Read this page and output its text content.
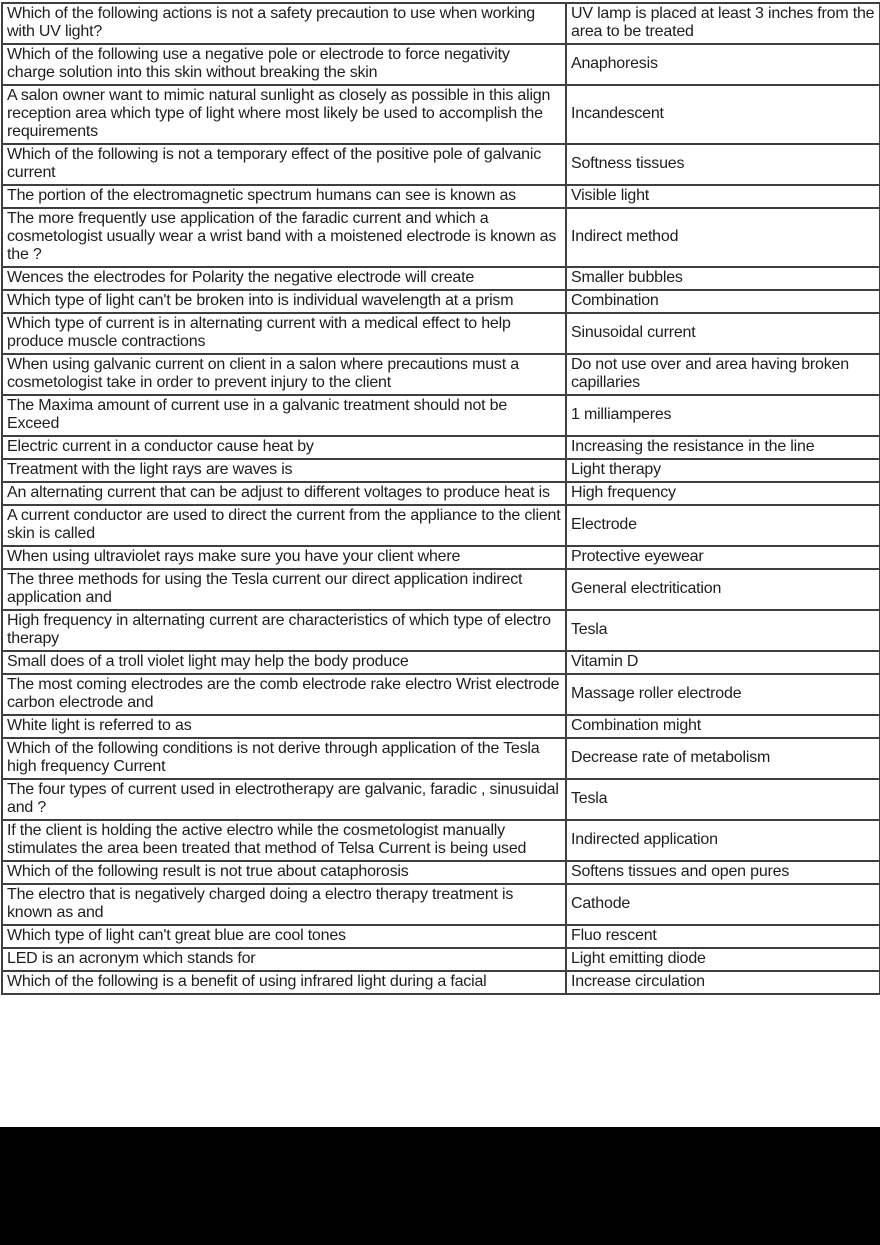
Which of the following actions is not a safety precaution to use when working with UV light?	UV lamp is placed at least 3 inches from the area to be treated
Which of the following use a negative pole or electrode to force negativity charge solution into this skin without breaking the skin	Anaphoresis
A salon owner want to mimic natural sunlight as closely as possible in this align reception area which type of light where most likely be used to accomplish the requirements	Incandescent
Which of the following is not a temporary effect of the positive pole of galvanic current	Softness tissues
The portion of the electromagnetic spectrum humans can see is known as	Visible light
The more frequently use application of the faradic current and which a cosmetologist usually wear a wrist band with a moistened electrode is known as the ?	Indirect method
Wences the electrodes for Polarity the negative electrode will create	Smaller bubbles
Which type of light can't be broken into is individual wavelength at a prism	Combination
Which type of current is in alternating current with a medical effect to help produce muscle contractions	Sinusoidal current
When using galvanic current on client in a salon where precautions must a cosmetologist take in order to prevent injury to the client	Do not use over and area having broken capillaries
The Maxima amount of current use in a galvanic treatment should not be Exceed	1 milliamperes
Electric current in a conductor cause heat by	Increasing the resistance in the line
Treatment with the light rays are waves is	Light therapy
An alternating current that can be adjust to different voltages to produce heat is	High frequency
A current conductor are used to direct the current from the appliance to the client skin is called	Electrode
When using ultraviolet rays make sure you have your client where	Protective eyewear
The three methods for using the Tesla current our direct application indirect application and	General electritication
High frequency in alternating current are characteristics of which type of electro therapy	Tesla
Small does of a troll violet light may help the body produce	Vitamin D
The most coming electrodes are the comb electrode rake electro Wrist electrode carbon electrode and	Massage roller electrode
White light is referred to as	Combination might
Which of the following conditions is not derive through application of the Tesla high frequency Current	Decrease rate of metabolism
The four types of current used in electrotherapy are galvanic, faradic , sinusuidal and ?	Tesla
If the client is holding the active electro while the cosmetologist manually stimulates the area been treated that method of Telsa Current is being used	Indirected application
Which of the following result is not true about cataphorosis	Softens tissues and open pures
The electro that is negatively charged doing a electro therapy treatment is known as and	Cathode
Which type of light can't great blue are cool tones	Fluo rescent
LED is an acronym which stands for	Light emitting diode
Which of the following is a benefit of using infrared light during a facial	Increase circulation
